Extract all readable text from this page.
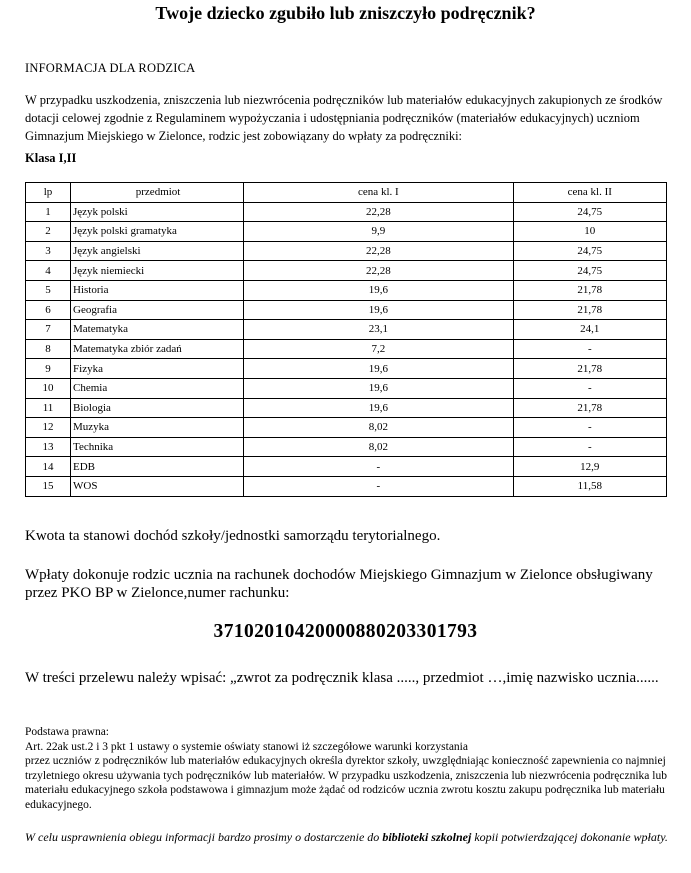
Twoje dziecko zgubiło lub zniszczyło podręcznik?
INFORMACJA DLA RODZICA
W przypadku uszkodzenia, zniszczenia lub niezwrócenia podręczników lub materiałów edukacyjnych zakupionych ze środków dotacji celowej zgodnie z Regulaminem wypożyczania i udostępniania podręczników (materiałów edukacyjnych) uczniom Gimnazjum Miejskiego w Zielonce, rodzic jest zobowiązany do wpłaty za podręczniki:
Klasa I,II
lp	przedmiot	cena kl. I	cena kl. II
1	Język polski	22,28	24,75
2	Język polski gramatyka	9,9	10
3	Język angielski	22,28	24,75
4	Język niemiecki	22,28	24,75
5	Historia	19,6	21,78
6	Geografia	19,6	21,78
7	Matematyka	23,1	24,1
8	Matematyka zbiór zadań	7,2	-
9	Fizyka	19,6	21,78
10	Chemia	19,6	-
11	Biologia	19,6	21,78
12	Muzyka	8,02	-
13	Technika	8,02	-
14	EDB	-	12,9
15	WOS	-	11,58
Kwota ta stanowi dochód szkoły/jednostki samorządu terytorialnego.
Wpłaty dokonuje rodzic ucznia na rachunek dochodów Miejskiego Gimnazjum w Zielonce obsługiwany przez PKO BP w Zielonce,numer rachunku:
37102010420000880203301793
W treści przelewu należy wpisać: „zwrot za podręcznik klasa ....., przedmiot …,imię nazwisko ucznia......
Podstawa prawna:
Art. 22ak ust.2 i 3 pkt 1 ustawy o systemie oświaty stanowi iż szczegółowe warunki korzystania
przez uczniów z podręczników lub materiałów edukacyjnych określa dyrektor szkoły, uwzględniając konieczność zapewnienia co najmniej trzyletniego okresu używania tych podręczników lub materiałów. W przypadku uszkodzenia, zniszczenia lub niezwrócenia podręcznika lub materiału edukacyjnego szkoła podstawowa i gimnazjum może żądać od rodziców ucznia zwrotu kosztu zakupu podręcznika lub materiału edukacyjnego.
W celu usprawnienia obiegu informacji bardzo prosimy o dostarczenie do biblioteki szkolnej kopii potwierdzającej dokonanie wpłaty.
